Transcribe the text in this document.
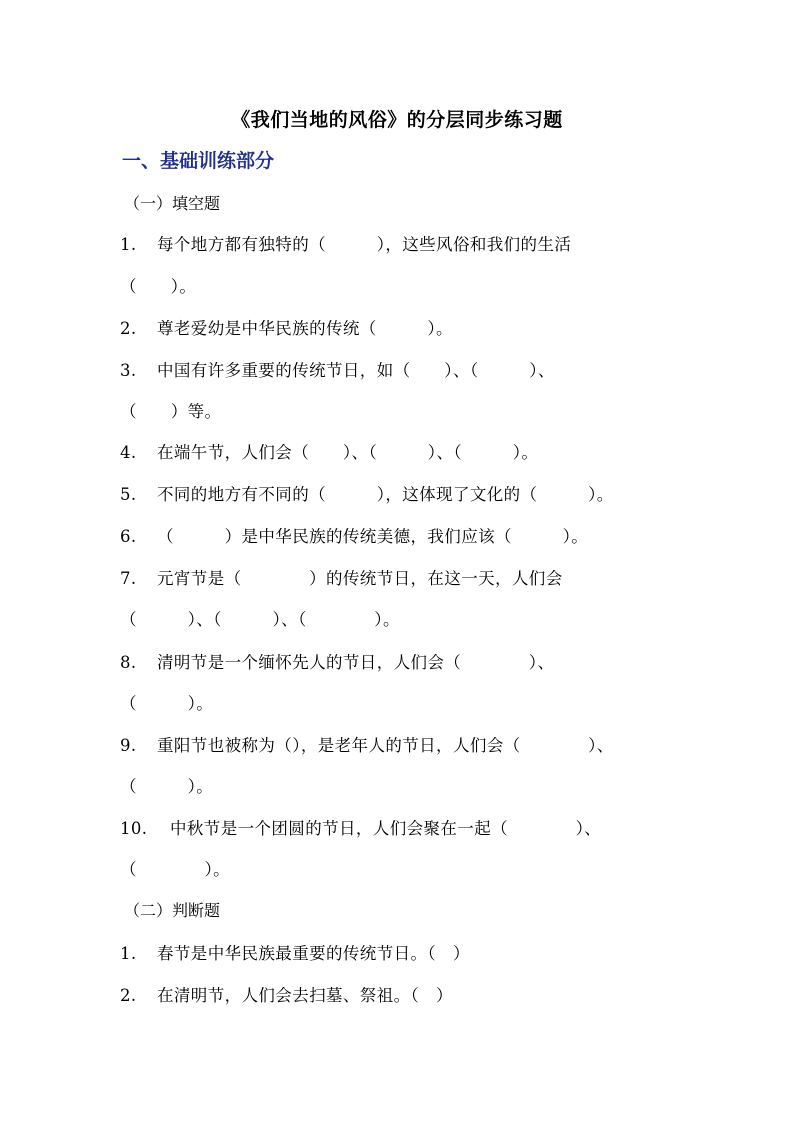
《我们当地的风俗》的分层同步练习题
一、基础训练部分
（一）填空题
1. 每个地方都有独特的（　　　），这些风俗和我们的生活
（　　）。
2. 尊老爱幼是中华民族的传统（　　　）。
3. 中国有许多重要的传统节日，如（　　）、（　　　）、
（　　）等。
4. 在端午节，人们会（　　）、（　　　）、（　　　）。
5. 不同的地方有不同的（　　　），这体现了文化的（　　　）。
6. （　　　）是中华民族的传统美德，我们应该（　　　）。
7. 元宵节是（　　　　）的传统节日，在这一天，人们会
（　　　）、（　　　）、（　　　　）。
8. 清明节是一个缅怀先人的节日，人们会（　　　　）、
（　　　）。
9. 重阳节也被称为（），是老年人的节日，人们会（　　　　）、
（　　　）。
10. 中秋节是一个团圆的节日，人们会聚在一起（　　　　）、
（　　　　）。
（二）判断题
1. 春节是中华民族最重要的传统节日。（　）
2. 在清明节，人们会去扫墓、祭祖。（　）
